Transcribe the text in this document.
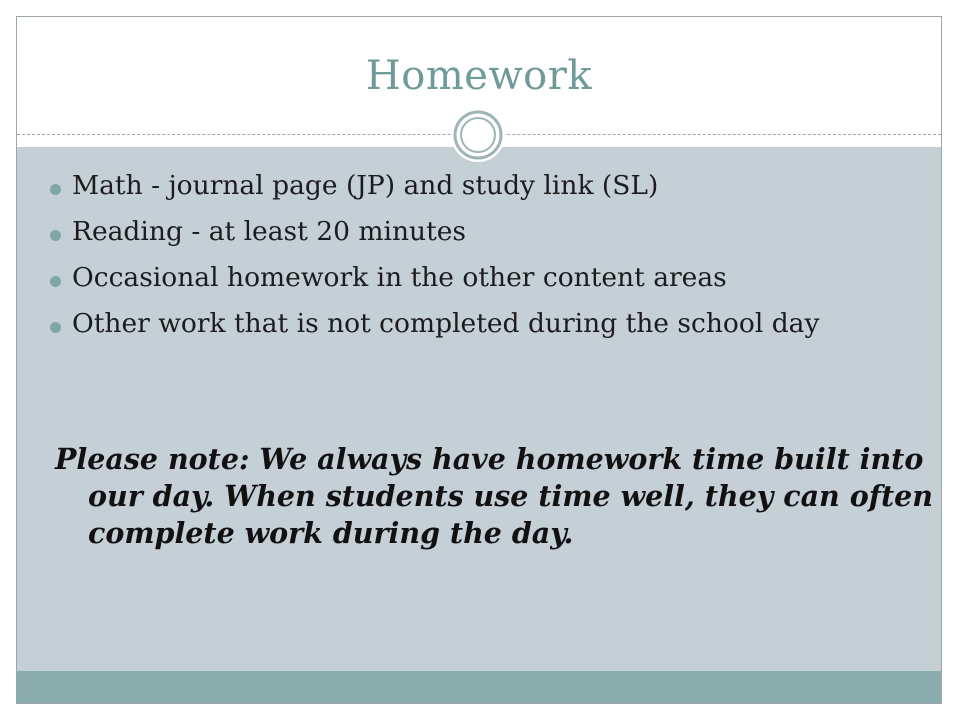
Homework
Math - journal page (JP) and study link (SL)
Reading - at least 20 minutes
Occasional homework in the other content areas
Other work that is not completed during the school day

Please note: We always have homework time built into our day. When students use time well, they can often complete work during the day.
